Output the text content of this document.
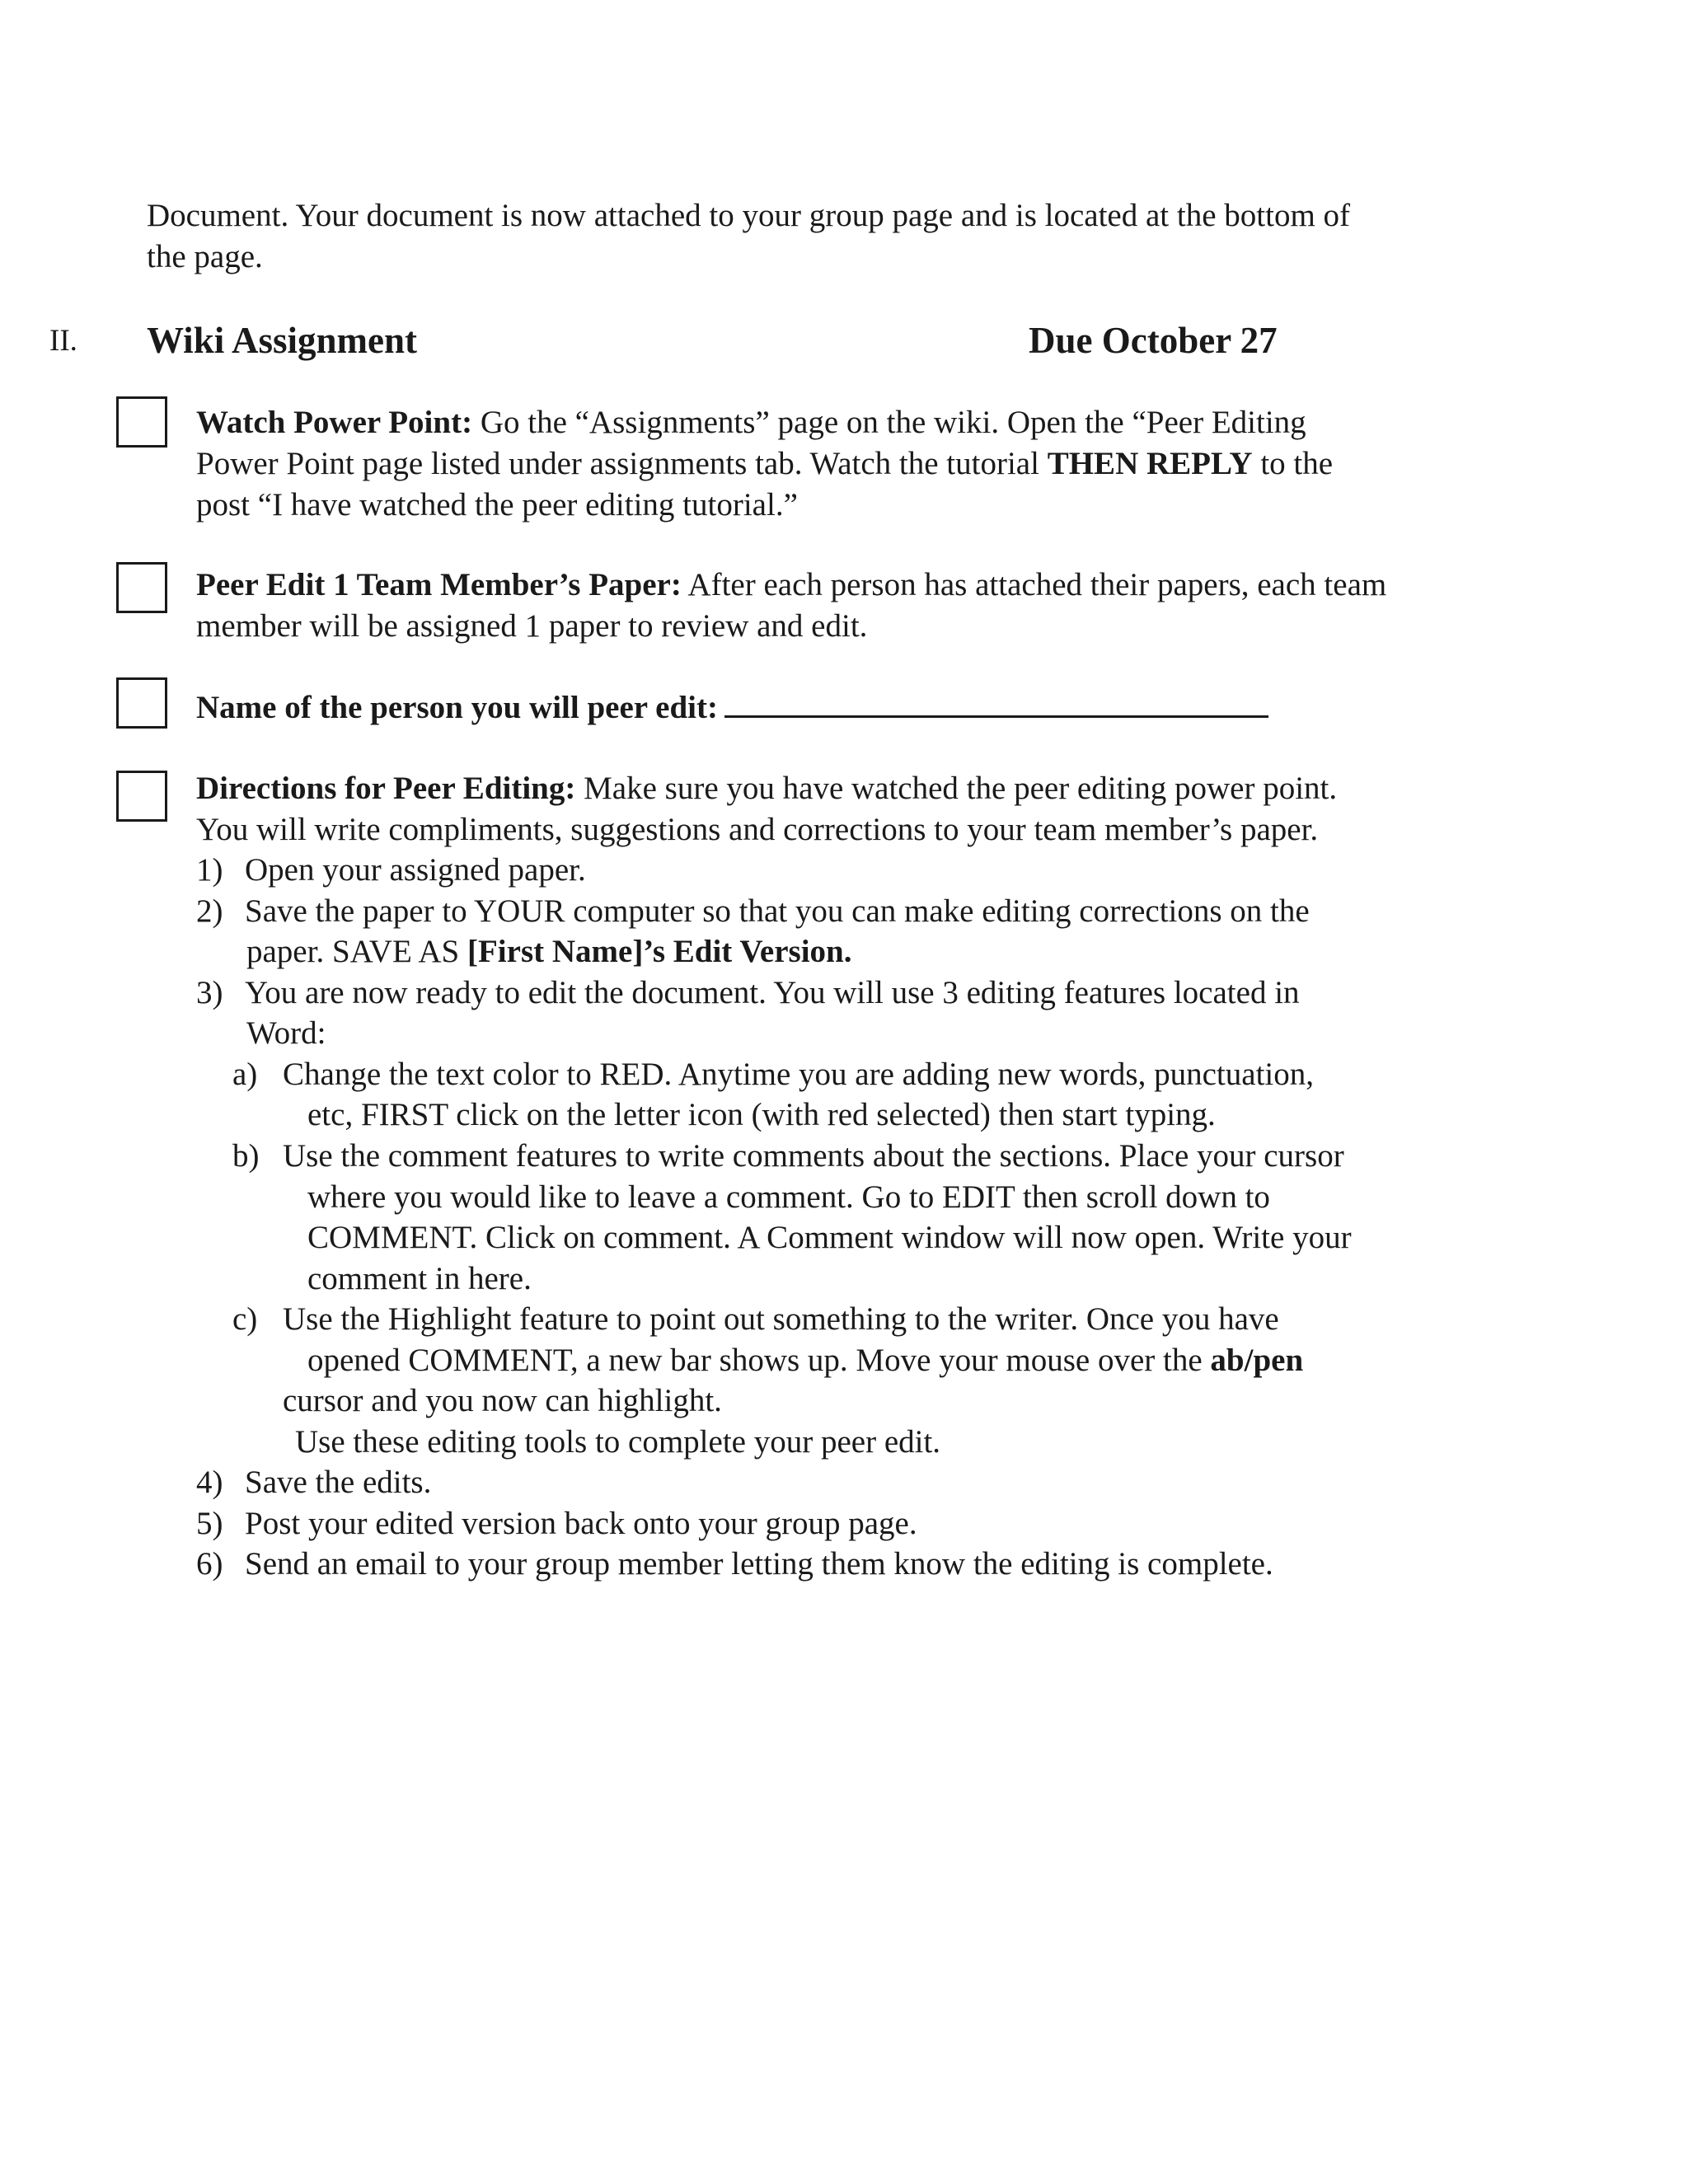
Document. Your document is now attached to your group page and is located at the bottom of

the page.

II. Wiki Assignment	Due October 27

Watch Power Point: Go the “Assignments” page on the wiki. Open the “Peer Editing

Power Point page listed under assignments tab. Watch the tutorial THEN REPLY to the

post “I have watched the peer editing tutorial.”

Peer Edit 1 Team Member’s Paper: After each person has attached their papers, each team

member will be assigned 1 paper to review and edit.

Name of the person you will peer edit:

Directions for Peer Editing: Make sure you have watched the peer editing power point.

You will write compliments, suggestions and corrections to your team member’s paper.

1) Open your assigned paper.
2) Save the paper to YOUR computer so that you can make editing corrections on the

paper. SAVE AS [First Name]’s Edit Version.

3) You are now ready to edit the document. You will use 3 editing features located in
Word:
a) Change the text color to RED. Anytime you are adding new words, punctuation,
etc, FIRST click on the letter icon (with red selected) then start typing.
b) Use the comment features to write comments about the sections. Place your cursor
where you would like to leave a comment. Go to EDIT then scroll down to
COMMENT. Click on comment. A Comment window will now open. Write your
comment in here.
c) Use the Highlight feature to point out something to the writer. Once you have

opened COMMENT, a new bar shows up. Move your mouse over the ab/pen

cursor and you now can highlight.
Use these editing tools to complete your peer edit.
4) Save the edits.
5) Post your edited version back onto your group page.
6) Send an email to your group member letting them know the editing is complete.
